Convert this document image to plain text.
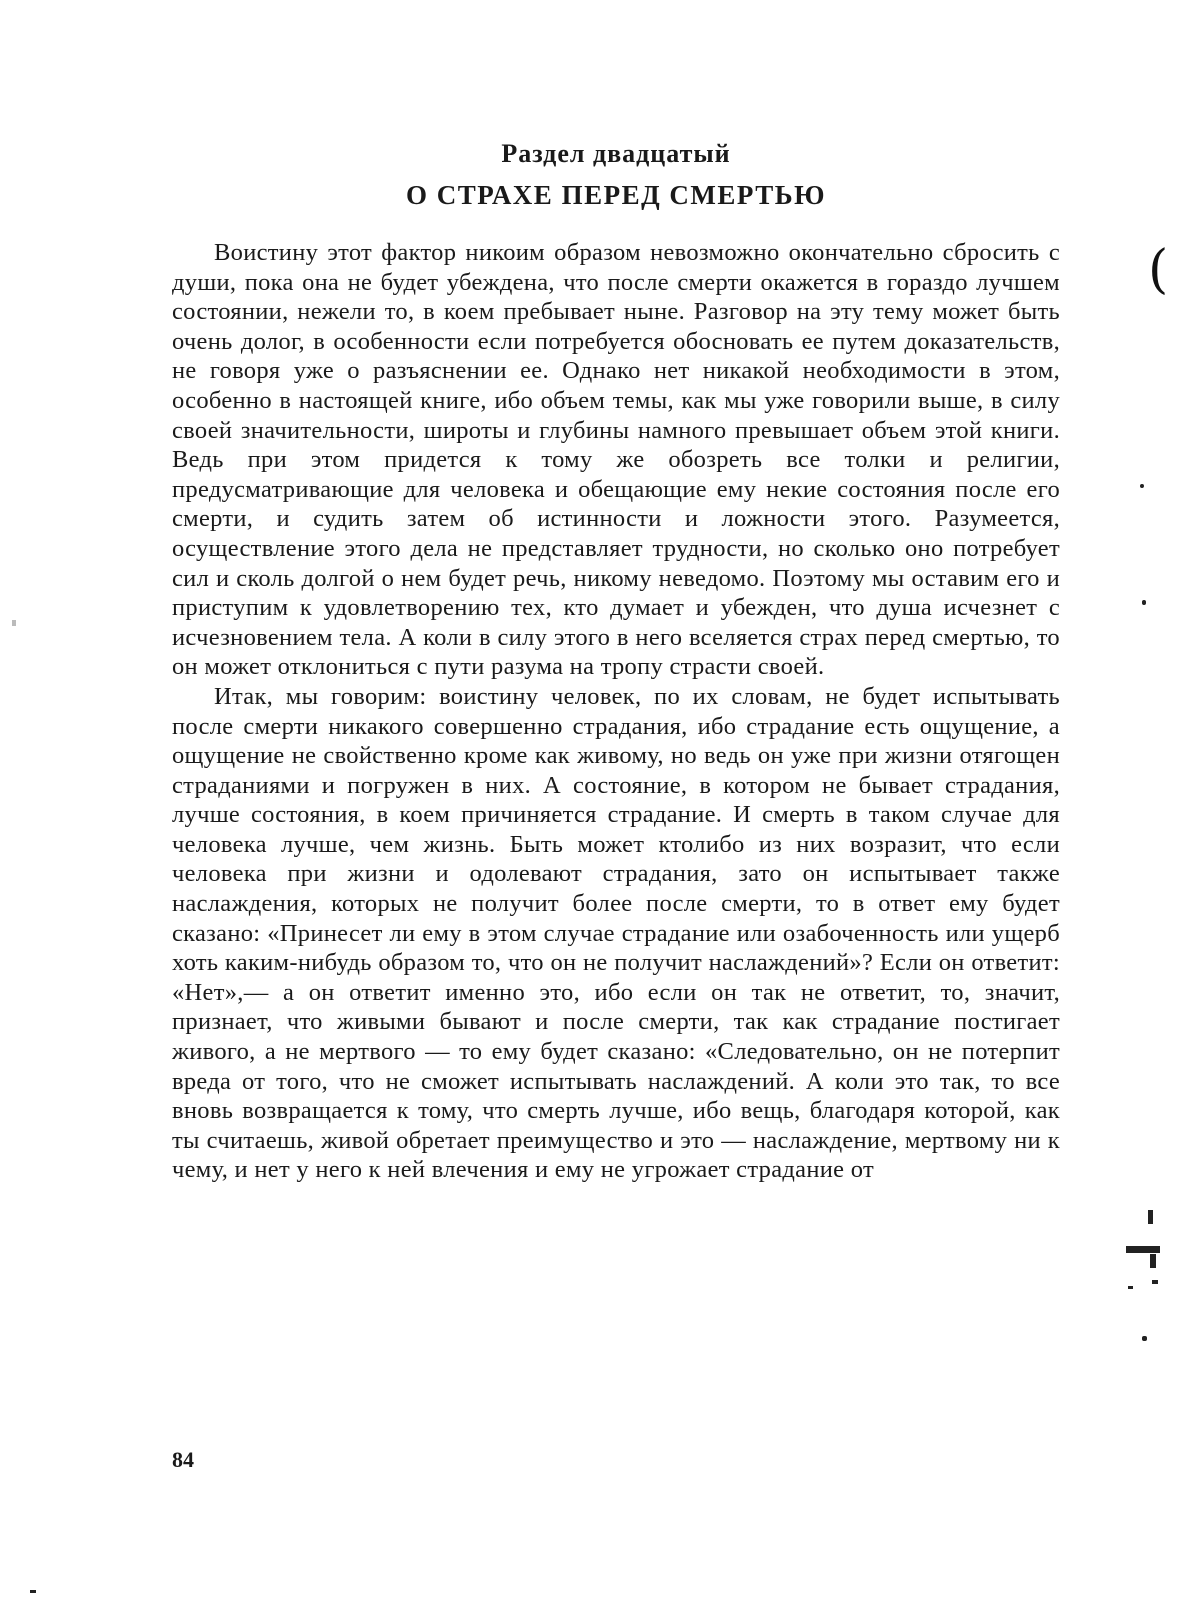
Раздел двадцатый
О СТРАХЕ ПЕРЕД СМЕРТЬЮ

Воистину этот фактор никоим образом невозможно окончательно сбросить с души, пока она не будет убеждена, что после смерти окажется в гораздо лучшем состоянии, нежели то, в коем пребывает ныне. Разговор на эту тему может быть очень долог, в особенности если потребуется обосновать ее путем доказательств, не говоря уже о разъяснении ее. Однако нет никакой необходимости в этом, особенно в настоящей книге, ибо объем темы, как мы уже говорили выше, в силу своей значительности, широты и глубины намного превышает объем этой книги. Ведь при этом придется к тому же обозреть все толки и религии, предусматривающие для человека и обещающие ему некие состояния после его смерти, и судить затем об истинности и ложности этого. Разумеется, осуществление этого дела не представляет трудности, но сколько оно потребует сил и сколь долгой о нем будет речь, никому неведомо. Поэтому мы оставим его и приступим к удовлетворению тех, кто думает и убежден, что душа исчезнет с исчезновением тела. А коли в силу этого в него вселяется страх перед смертью, то он может отклониться с пути разума на тропу страсти своей.

Итак, мы говорим: воистину человек, по их словам, не будет испытывать после смерти никакого совершенно страдания, ибо страдание есть ощущение, а ощущение не свойственно кроме как живому, но ведь он уже при жизни отягощен страданиями и погружен в них. А состояние, в котором не бывает страдания, лучше состояния, в коем причиняется страдание. И смерть в таком случае для человека лучше, чем жизнь. Быть может ктолибо из них возразит, что если человека при жизни и одолевают страдания, зато он испытывает также наслаждения, которых не получит более после смерти, то в ответ ему будет сказано: «Принесет ли ему в этом случае страдание или озабоченность или ущерб хоть каким-нибудь образом то, что он не получит наслаждений»? Если он ответит: «Нет»,— а он ответит именно это, ибо если он так не ответит, то, значит, признает, что живыми бывают и после смерти, так как страдание постигает живого, а не мертвого — то ему будет сказано: «Следовательно, он не потерпит вреда от того, что не сможет испытывать наслаждений. А коли это так, то все вновь возвращается к тому, что смерть лучше, ибо вещь, благодаря которой, как ты считаешь, живой обретает преимущество и это — наслаждение, мертвому ни к чему, и нет у него к ней влечения и ему не угрожает страдание от

84
(
